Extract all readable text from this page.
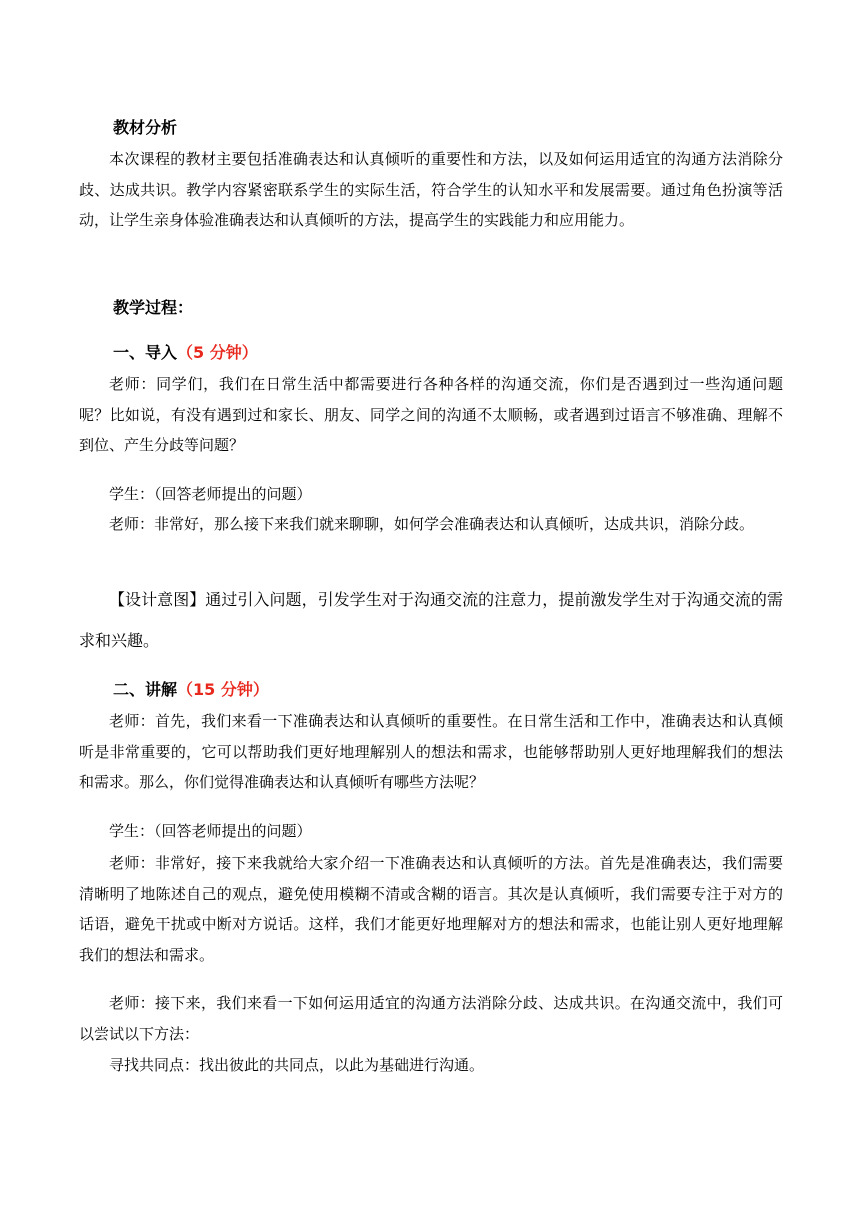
教材分析

本次课程的教材主要包括准确表达和认真倾听的重要性和方法，以及如何运用适宜的沟通方法消除分歧、达成共识。教学内容紧密联系学生的实际生活，符合学生的认知水平和发展需要。通过角色扮演等活动，让学生亲身体验准确表达和认真倾听的方法，提高学生的实践能力和应用能力。

教学过程：
一、导入（5 分钟）

老师：同学们，我们在日常生活中都需要进行各种各样的沟通交流，你们是否遇到过一些沟通问题呢？比如说，有没有遇到过和家长、朋友、同学之间的沟通不太顺畅，或者遇到过语言不够准确、理解不到位、产生分歧等问题？

学生：（回答老师提出的问题）

老师：非常好，那么接下来我们就来聊聊，如何学会准确表达和认真倾听，达成共识，消除分歧。

【设计意图】通过引入问题，引发学生对于沟通交流的注意力，提前激发学生对于沟通交流的需求和兴趣。

二、讲解（15 分钟）

老师：首先，我们来看一下准确表达和认真倾听的重要性。在日常生活和工作中，准确表达和认真倾听是非常重要的，它可以帮助我们更好地理解别人的想法和需求，也能够帮助别人更好地理解我们的想法和需求。那么，你们觉得准确表达和认真倾听有哪些方法呢？

学生：（回答老师提出的问题）

老师：非常好，接下来我就给大家介绍一下准确表达和认真倾听的方法。首先是准确表达，我们需要清晰明了地陈述自己的观点，避免使用模糊不清或含糊的语言。其次是认真倾听，我们需要专注于对方的话语，避免干扰或中断对方说话。这样，我们才能更好地理解对方的想法和需求，也能让别人更好地理解我们的想法和需求。

老师：接下来，我们来看一下如何运用适宜的沟通方法消除分歧、达成共识。在沟通交流中，我们可以尝试以下方法：

寻找共同点：找出彼此的共同点，以此为基础进行沟通。
